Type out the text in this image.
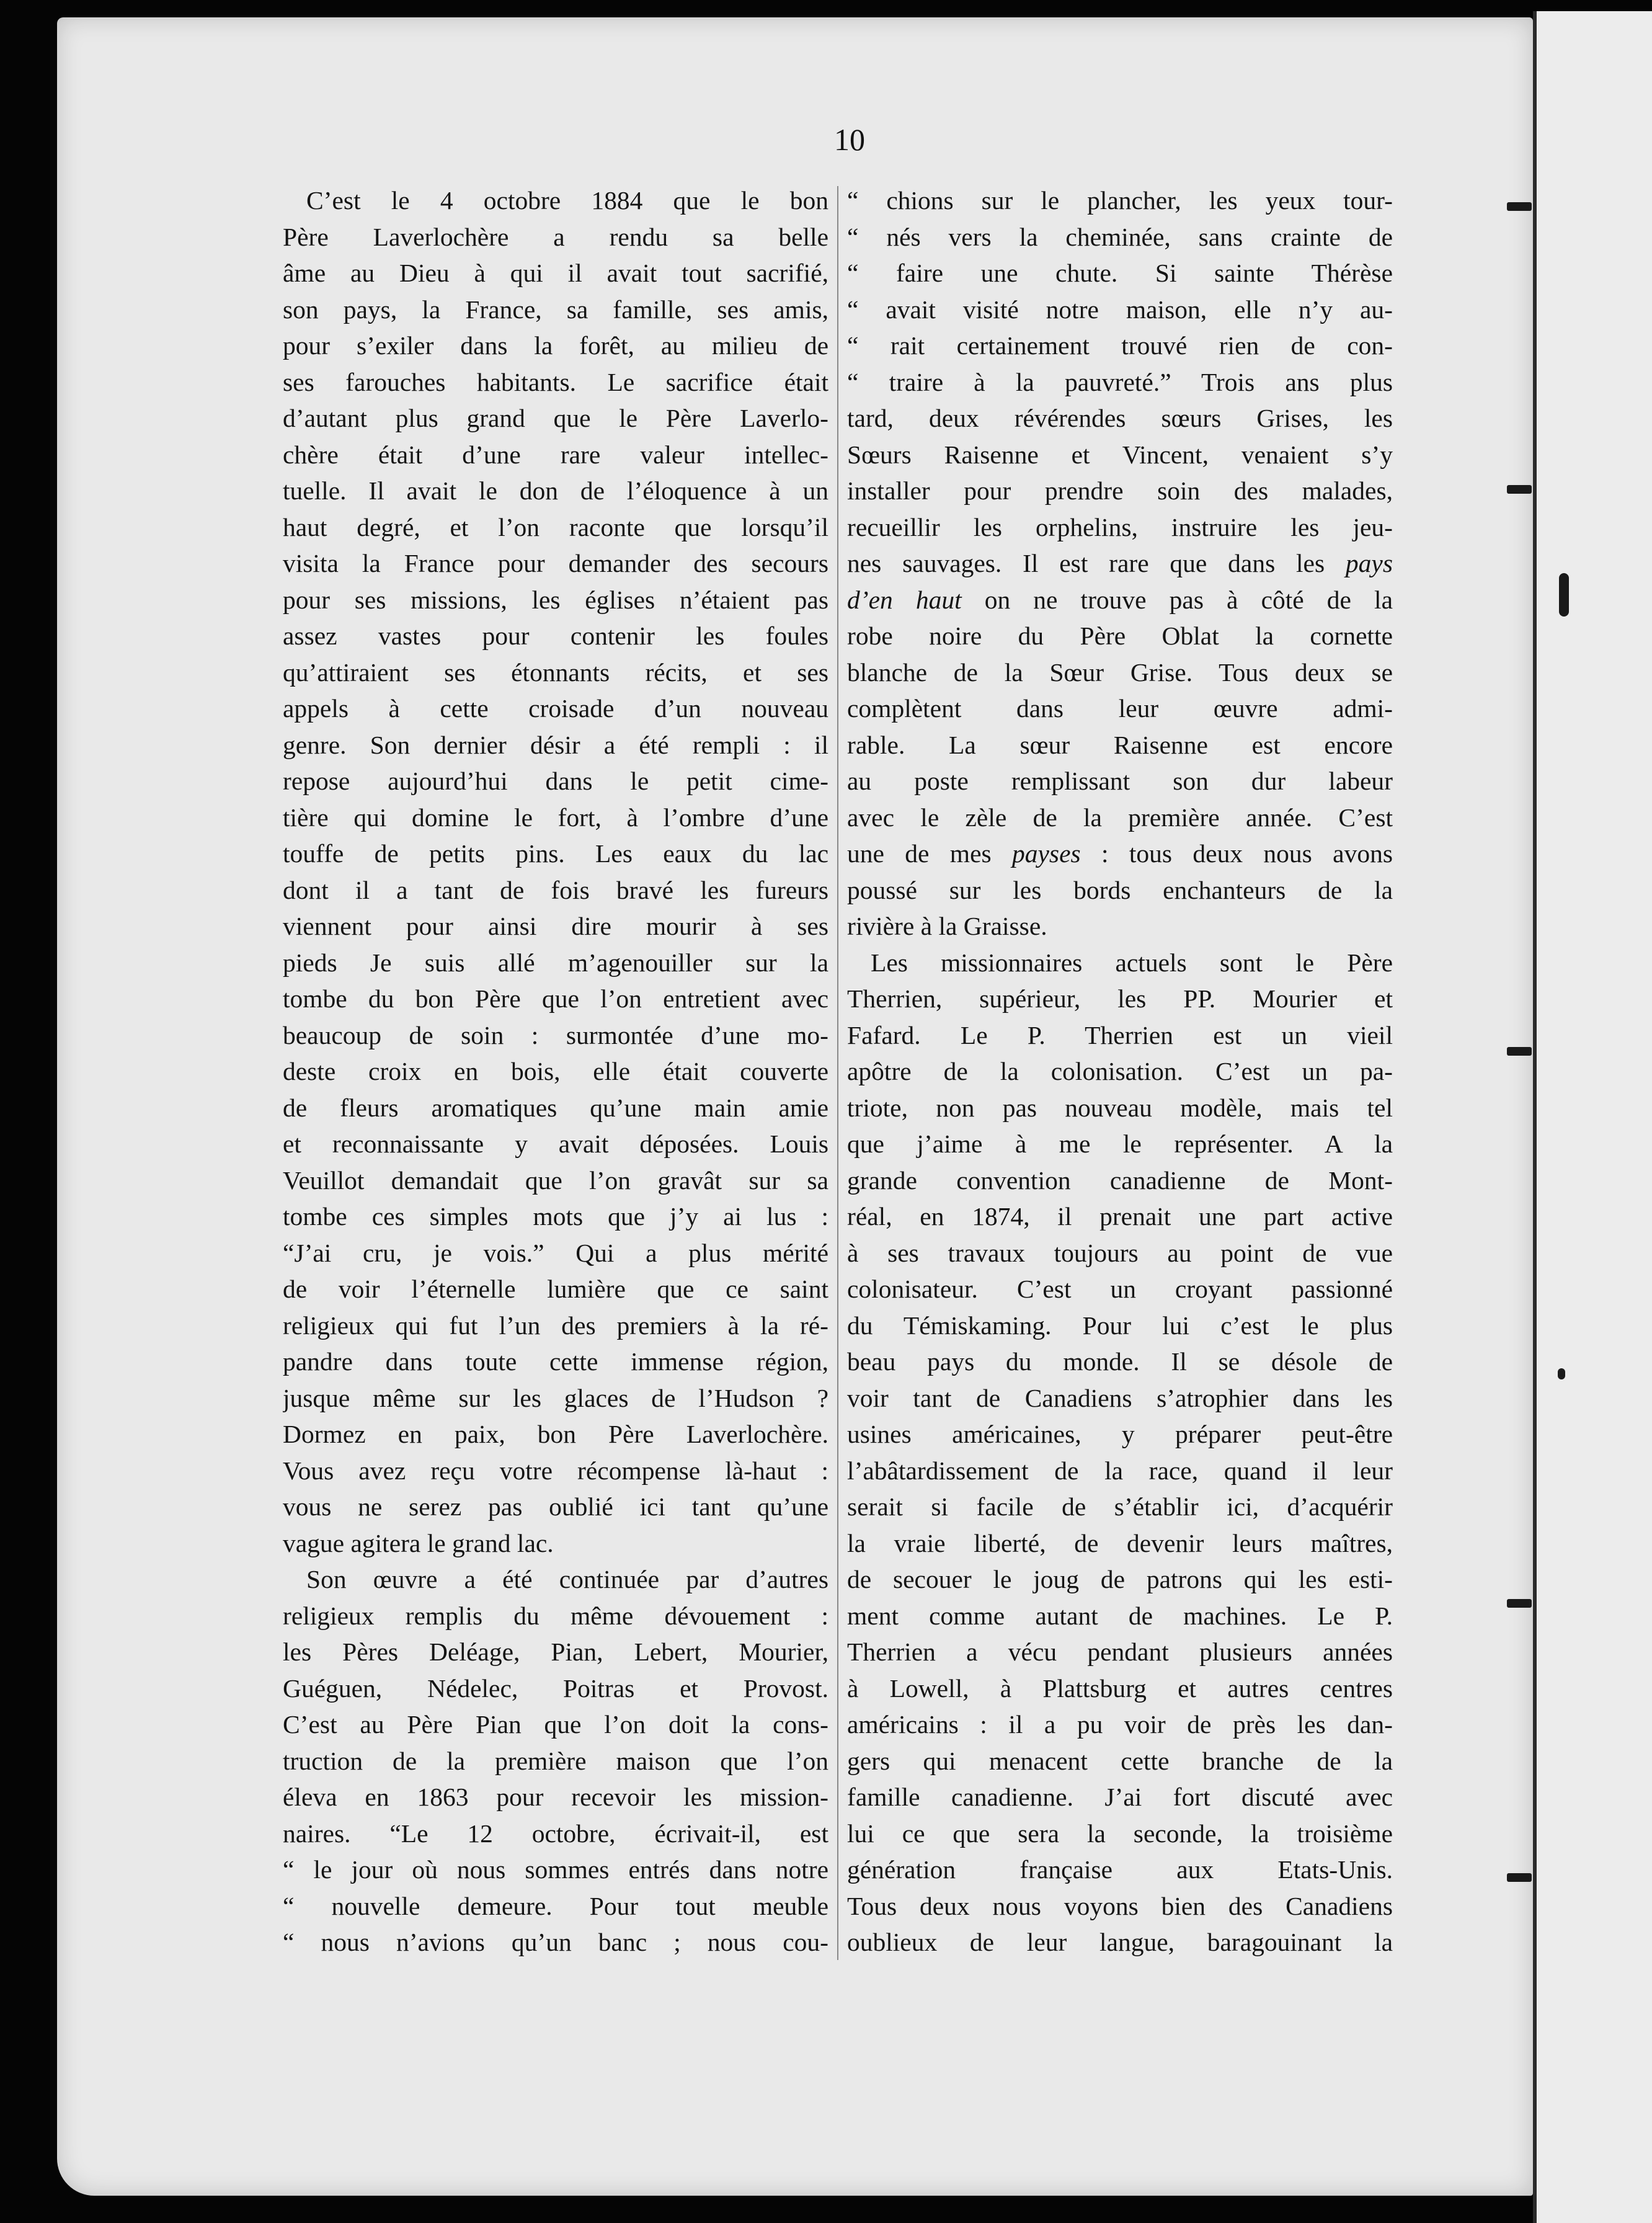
10

C’est le 4 octobre 1884 que le bon
Père Laverlochère a rendu sa belle
âme au Dieu à qui il avait tout sacrifié,
son pays, la France, sa famille, ses amis,
pour s’exiler dans la forêt, au milieu de
ses farouches habitants. Le sacrifice était
d’autant plus grand que le Père Laverlo-
chère était d’une rare valeur intellec-
tuelle. Il avait le don de l’éloquence à un
haut degré, et l’on raconte que lorsqu’il
visita la France pour demander des secours
pour ses missions, les églises n’étaient pas
assez vastes pour contenir les foules
qu’attiraient ses étonnants récits, et ses
appels à cette croisade d’un nouveau
genre. Son dernier désir a été rempli : il
repose aujourd’hui dans le petit cime-
tière qui domine le fort, à l’ombre d’une
touffe de petits pins. Les eaux du lac
dont il a tant de fois bravé les fureurs
viennent pour ainsi dire mourir à ses
pieds Je suis allé m’agenouiller sur la
tombe du bon Père que l’on entretient avec
beaucoup de soin : surmontée d’une mo-
deste croix en bois, elle était couverte
de fleurs aromatiques qu’une main amie
et reconnaissante y avait déposées. Louis
Veuillot demandait que l’on gravât sur sa
tombe ces simples mots que j’y ai lus :
“J’ai cru, je vois.” Qui a plus mérité
de voir l’éternelle lumière que ce saint
religieux qui fut l’un des premiers à la ré-
pandre dans toute cette immense région,
jusque même sur les glaces de l’Hudson ?
Dormez en paix, bon Père Laverlochère.
Vous avez reçu votre récompense là-haut :
vous ne serez pas oublié ici tant qu’une
vague agitera le grand lac.

Son œuvre a été continuée par d’autres
religieux remplis du même dévouement :
les Pères Deléage, Pian, Lebert, Mourier,
Guéguen, Nédelec, Poitras et Provost.
C’est au Père Pian que l’on doit la cons-
truction de la première maison que l’on
éleva en 1863 pour recevoir les mission-
naires. “Le 12 octobre, écrivait-il, est
“ le jour où nous sommes entrés dans notre
“ nouvelle demeure. Pour tout meuble
“ nous n’avions qu’un banc ; nous cou-

“ chions sur le plancher, les yeux tour-
“ nés vers la cheminée, sans crainte de
“ faire une chute. Si sainte Thérèse
“ avait visité notre maison, elle n’y au-
“ rait certainement trouvé rien de con-
“ traire à la pauvreté.” Trois ans plus
tard, deux révérendes sœurs Grises, les
Sœurs Raisenne et Vincent, venaient s’y
installer pour prendre soin des malades,
recueillir les orphelins, instruire les jeu-
nes sauvages. Il est rare que dans les pays
d’en haut on ne trouve pas à côté de la
robe noire du Père Oblat la cornette
blanche de la Sœur Grise. Tous deux se
complètent dans leur œuvre admi-
rable. La sœur Raisenne est encore
au poste remplissant son dur labeur
avec le zèle de la première année. C’est
une de mes payses : tous deux nous avons
poussé sur les bords enchanteurs de la
rivière à la Graisse.

Les missionnaires actuels sont le Père
Therrien, supérieur, les PP. Mourier et
Fafard. Le P. Therrien est un vieil
apôtre de la colonisation. C’est un pa-
triote, non pas nouveau modèle, mais tel
que j’aime à me le représenter. A la
grande convention canadienne de Mont-
réal, en 1874, il prenait une part active
à ses travaux toujours au point de vue
colonisateur. C’est un croyant passionné
du Témiskaming. Pour lui c’est le plus
beau pays du monde. Il se désole de
voir tant de Canadiens s’atrophier dans les
usines américaines, y préparer peut-être
l’abâtardissement de la race, quand il leur
serait si facile de s’établir ici, d’acquérir
la vraie liberté, de devenir leurs maîtres,
de secouer le joug de patrons qui les esti-
ment comme autant de machines. Le P.
Therrien a vécu pendant plusieurs années
à Lowell, à Plattsburg et autres centres
américains : il a pu voir de près les dan-
gers qui menacent cette branche de la
famille canadienne. J’ai fort discuté avec
lui ce que sera la seconde, la troisième
génération française aux Etats-Unis.
Tous deux nous voyons bien des Canadiens
oublieux de leur langue, baragouinant la
